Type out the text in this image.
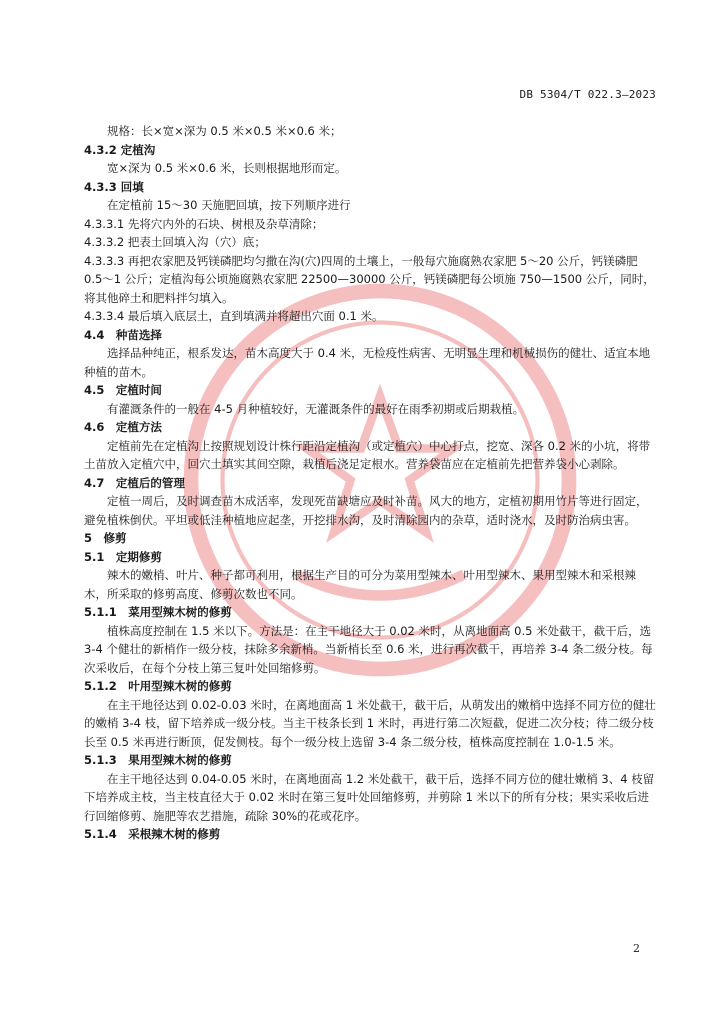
DB 5304/T 022.3—2023

规格：长×宽×深为 0.5 米×0.5 米×0.6 米；

4.3.2 定植沟

宽×深为 0.5 米×0.6 米，长则根据地形而定。

4.3.3 回填

在定植前 15～30 天施肥回填，按下列顺序进行

4.3.3.1 先将穴内外的石块、树根及杂草清除；

4.3.3.2 把表土回填入沟（穴）底；

4.3.3.3 再把农家肥及钙镁磷肥均匀撒在沟(穴)四周的土壤上，一般每穴施腐熟农家肥 5～20 公斤，钙镁磷肥 0.5～1 公斤；定植沟每公顷施腐熟农家肥 22500—30000 公斤，钙镁磷肥每公顷施 750—1500 公斤，同时，将其他碎土和肥料拌匀填入。

4.3.3.4 最后填入底层土，直到填满并将超出穴面 0.1 米。

4.4　种苗选择

选择品种纯正，根系发达，苗木高度大于 0.4 米，无检疫性病害、无明显生理和机械损伤的健壮、适宜本地种植的苗木。

4.5　定植时间

有灌溉条件的一般在 4-5 月种植较好，无灌溉条件的最好在雨季初期或后期栽植。

4.6　定植方法

定植前先在定植沟上按照规划设计株行距沿定植沟（或定植穴）中心打点，挖宽、深各 0.2 米的小坑，将带土苗放入定植穴中，回穴土填实其间空隙，栽植后浇足定根水。营养袋苗应在定植前先把营养袋小心剥除。

4.7　定植后的管理

定植一周后，及时调查苗木成活率，发现死苗缺塘应及时补苗。风大的地方，定植初期用竹片等进行固定，避免植株倒伏。平坦或低洼种植地应起垄，开挖排水沟，及时清除园内的杂草，适时浇水，及时防治病虫害。

5　修剪

5.1　定期修剪

辣木的嫩梢、叶片、种子都可利用，根据生产目的可分为菜用型辣木、叶用型辣木、果用型辣木和采根辣木，所采取的修剪高度、修剪次数也不同。

5.1.1　菜用型辣木树的修剪

植株高度控制在 1.5 米以下。方法是：在主干地径大于 0.02 米时，从离地面高 0.5 米处截干，截干后，选 3-4 个健壮的新梢作一级分枝，抹除多余新梢。当新梢长至 0.6 米，进行再次截干，再培养 3-4 条二级分枝。每次采收后，在每个分枝上第三复叶处回缩修剪。

5.1.2　叶用型辣木树的修剪

在主干地径达到 0.02-0.03 米时，在离地面高 1 米处截干，截干后，从萌发出的嫩梢中选择不同方位的健壮的嫩梢 3-4 枝，留下培养成一级分枝。当主干枝条长到 1 米时，再进行第二次短截，促进二次分枝；待二级分枝长至 0.5 米再进行断顶，促发侧枝。每个一级分枝上选留 3-4 条二级分枝，植株高度控制在 1.0-1.5 米。

5.1.3　果用型辣木树的修剪

在主干地径达到 0.04-0.05 米时，在离地面高 1.2 米处截干，截干后，选择不同方位的健壮嫩梢 3、4 枝留下培养成主枝，当主枝直径大于 0.02 米时在第三复叶处回缩修剪，并剪除 1 米以下的所有分枝；果实采收后进行回缩修剪、施肥等农艺措施，疏除 30%的花或花序。

5.1.4　采根辣木树的修剪

2
